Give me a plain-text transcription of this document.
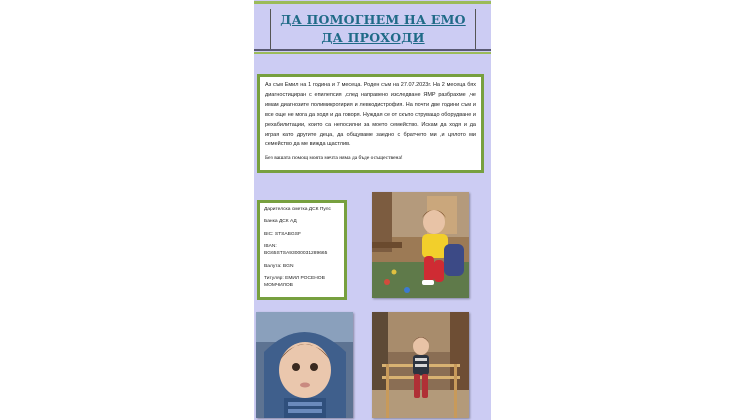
ДА ПОМОГНЕМ НА ЕМО
ДА ПРОХОДИ

Аз съм Емил на 1 година и 7 месеца. Роден съм на 27.07.2023г. На 2 месеца бях диагностициран с епилепсия ,след направено изследване ЯМР разбрахме ,че имам диагнозите полимикрогирия и левкодистрофия. На почти две години съм и все още не мога да ходя и да говоря. Нуждая се от скъпо струващо оборудване и рехабилитации, които са непосилни за моето семейство. Искам да ходя и да играя като другите деца, да общуваме заедно с братчето ми ,и цялото ми семейство да ме виждa щастлив.

Без вашата помощ моята мечта няма да бъде осъществена!

Дарителска сметка ДСК Пулс
Банка ДСК АД
BIC: STSABGSF
IBAN:
BG65STSA93000031289665
Валута: BGN
Титуляр: ЕМИЛ РОСЕНОВ МОМЧИЛОВ
